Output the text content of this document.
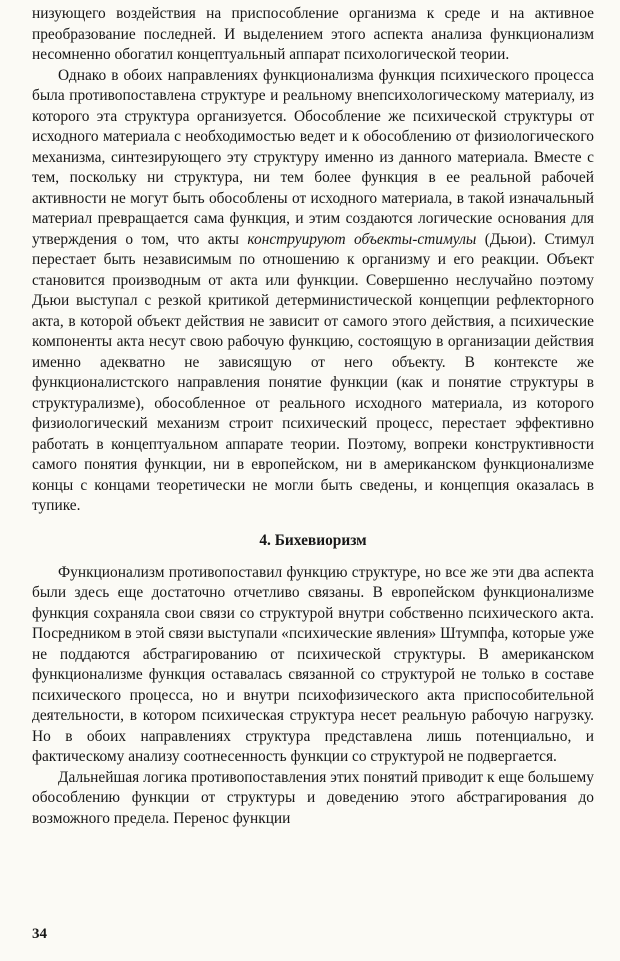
низующего воздействия на приспособление организма к среде и на активное преобразование последней. И выделением этого аспекта анализа функционализм несомненно обогатил концептуальный аппарат психологической теории.

Однако в обоих направлениях функционализма функция психического процесса была противопоставлена структуре и реальному внепсихологическому материалу, из которого эта структура организуется. Обособление же психической структуры от исходного материала с необходимостью ведет и к обособлению от физиологического механизма, синтезирующего эту структуру именно из данного материала. Вместе с тем, поскольку ни структура, ни тем более функция в ее реальной рабочей активности не могут быть обособлены от исходного материала, в такой изначальный материал превращается сама функция, и этим создаются логические основания для утверждения о том, что акты конструируют объекты-стимулы (Дьюи). Стимул перестает быть независимым по отношению к организму и его реакции. Объект становится производным от акта или функции. Совершенно неслучайно поэтому Дьюи выступал с резкой критикой детерминистической концепции рефлекторного акта, в которой объект действия не зависит от самого этого действия, а психические компоненты акта несут свою рабочую функцию, состоящую в организации действия именно адекватно не зависящую от него объекту. В контексте же функционалистского направления понятие функции (как и понятие структуры в структурализме), обособленное от реального исходного материала, из которого физиологический механизм строит психический процесс, перестает эффективно работать в концептуальном аппарате теории. Поэтому, вопреки конструктивности самого понятия функции, ни в европейском, ни в американском функционализме концы с концами теоретически не могли быть сведены, и концепция оказалась в тупике.

4. Бихевиоризм

Функционализм противопоставил функцию структуре, но все же эти два аспекта были здесь еще достаточно отчетливо связаны. В европейском функционализме функция сохраняла свои связи со структурой внутри собственно психического акта. Посредником в этой связи выступали «психические явления» Штумпфа, которые уже не поддаются абстрагированию от психической структуры. В американском функционализме функция оставалась связанной со структурой не только в составе психического процесса, но и внутри психофизического акта приспособительной деятельности, в котором психическая структура несет реальную рабочую нагрузку. Но в обоих направлениях структура представлена лишь потенциально, и фактическому анализу соотнесенность функции со структурой не подвергается.

Дальнейшая логика противопоставления этих понятий приводит к еще большему обособлению функции от структуры и доведению этого абстрагирования до возможного предела. Перенос функции

34
